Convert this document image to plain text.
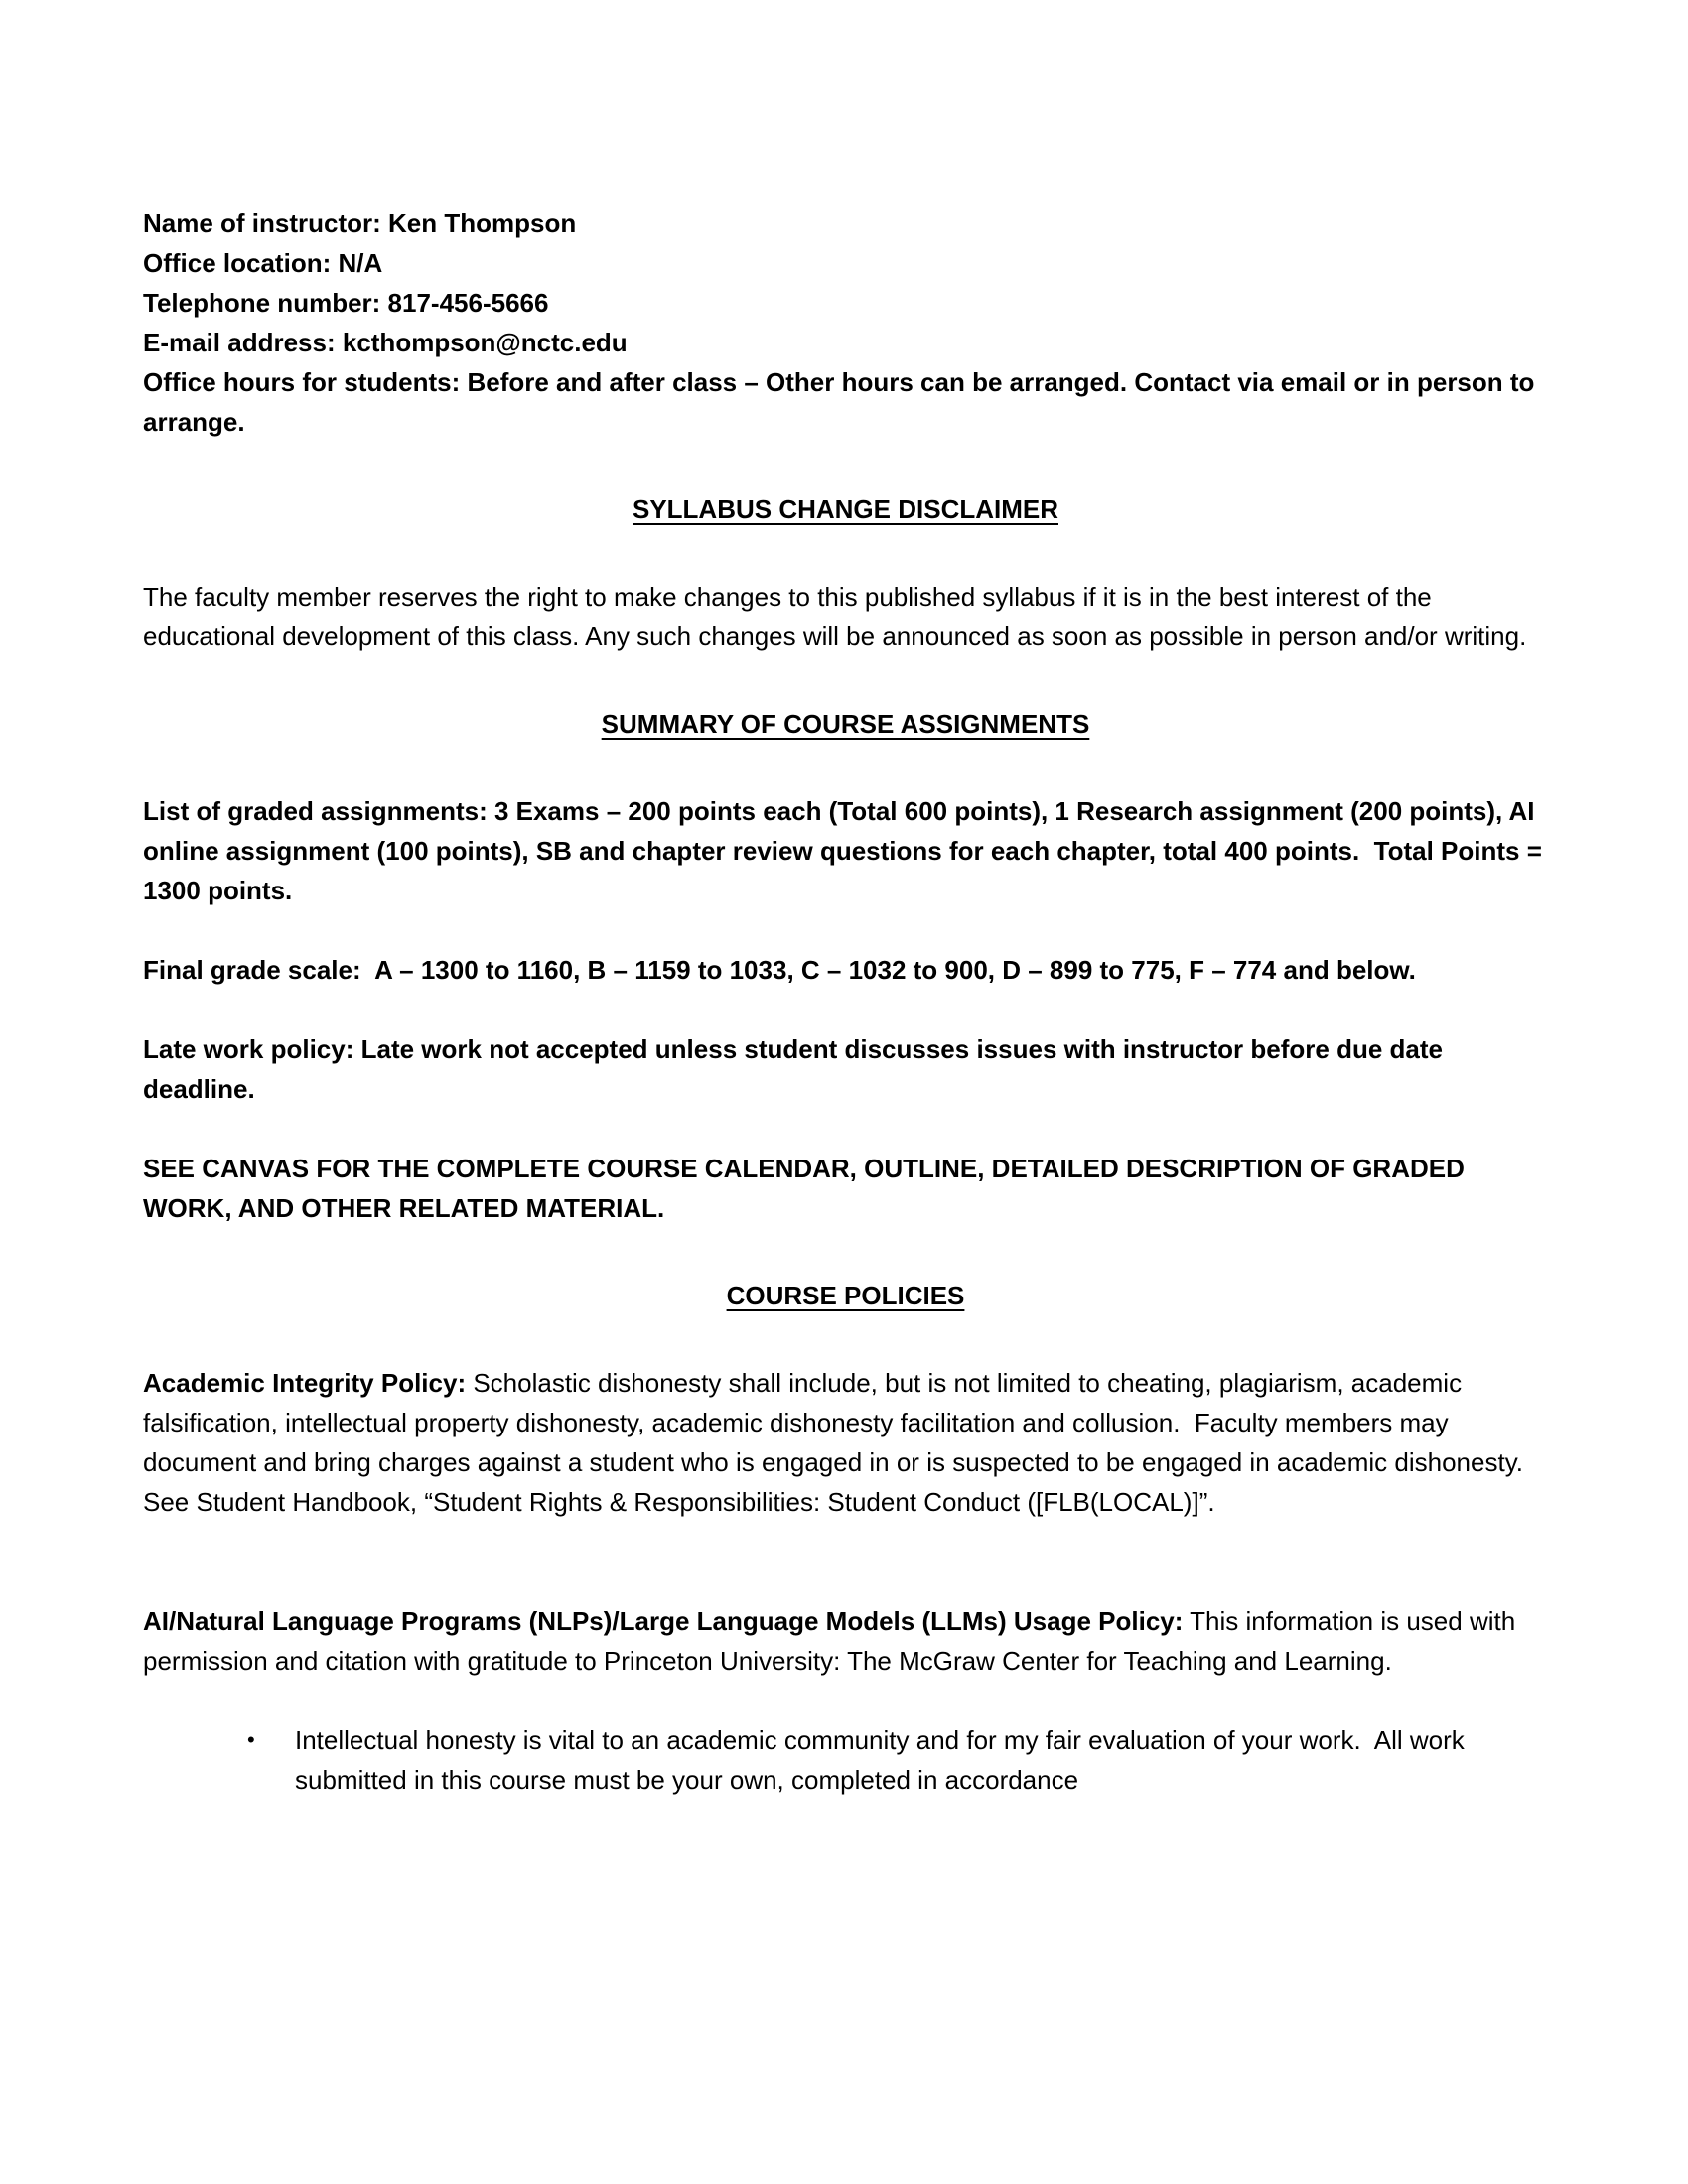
Name of instructor: Ken Thompson
Office location: N/A
Telephone number: 817-456-5666
E-mail address: kcthompson@nctc.edu
Office hours for students: Before and after class – Other hours can be arranged. Contact via email or in person to arrange.
SYLLABUS CHANGE DISCLAIMER
The faculty member reserves the right to make changes to this published syllabus if it is in the best interest of the educational development of this class. Any such changes will be announced as soon as possible in person and/or writing.
SUMMARY OF COURSE ASSIGNMENTS
List of graded assignments: 3 Exams – 200 points each (Total 600 points), 1 Research assignment (200 points), AI online assignment (100 points), SB and chapter review questions for each chapter, total 400 points.  Total Points = 1300 points.
Final grade scale:  A – 1300 to 1160, B – 1159 to 1033, C – 1032 to 900, D – 899 to 775, F – 774 and below.
Late work policy: Late work not accepted unless student discusses issues with instructor before due date deadline.
SEE CANVAS FOR THE COMPLETE COURSE CALENDAR, OUTLINE, DETAILED DESCRIPTION OF GRADED WORK, AND OTHER RELATED MATERIAL.
COURSE POLICIES
Academic Integrity Policy: Scholastic dishonesty shall include, but is not limited to cheating, plagiarism, academic falsification, intellectual property dishonesty, academic dishonesty facilitation and collusion.  Faculty members may document and bring charges against a student who is engaged in or is suspected to be engaged in academic dishonesty.  See Student Handbook, “Student Rights & Responsibilities: Student Conduct ([FLB(LOCAL)]”.
AI/Natural Language Programs (NLPs)/Large Language Models (LLMs) Usage Policy: This information is used with permission and citation with gratitude to Princeton University: The McGraw Center for Teaching and Learning.
•	Intellectual honesty is vital to an academic community and for my fair evaluation of your work.  All work submitted in this course must be your own, completed in accordance
